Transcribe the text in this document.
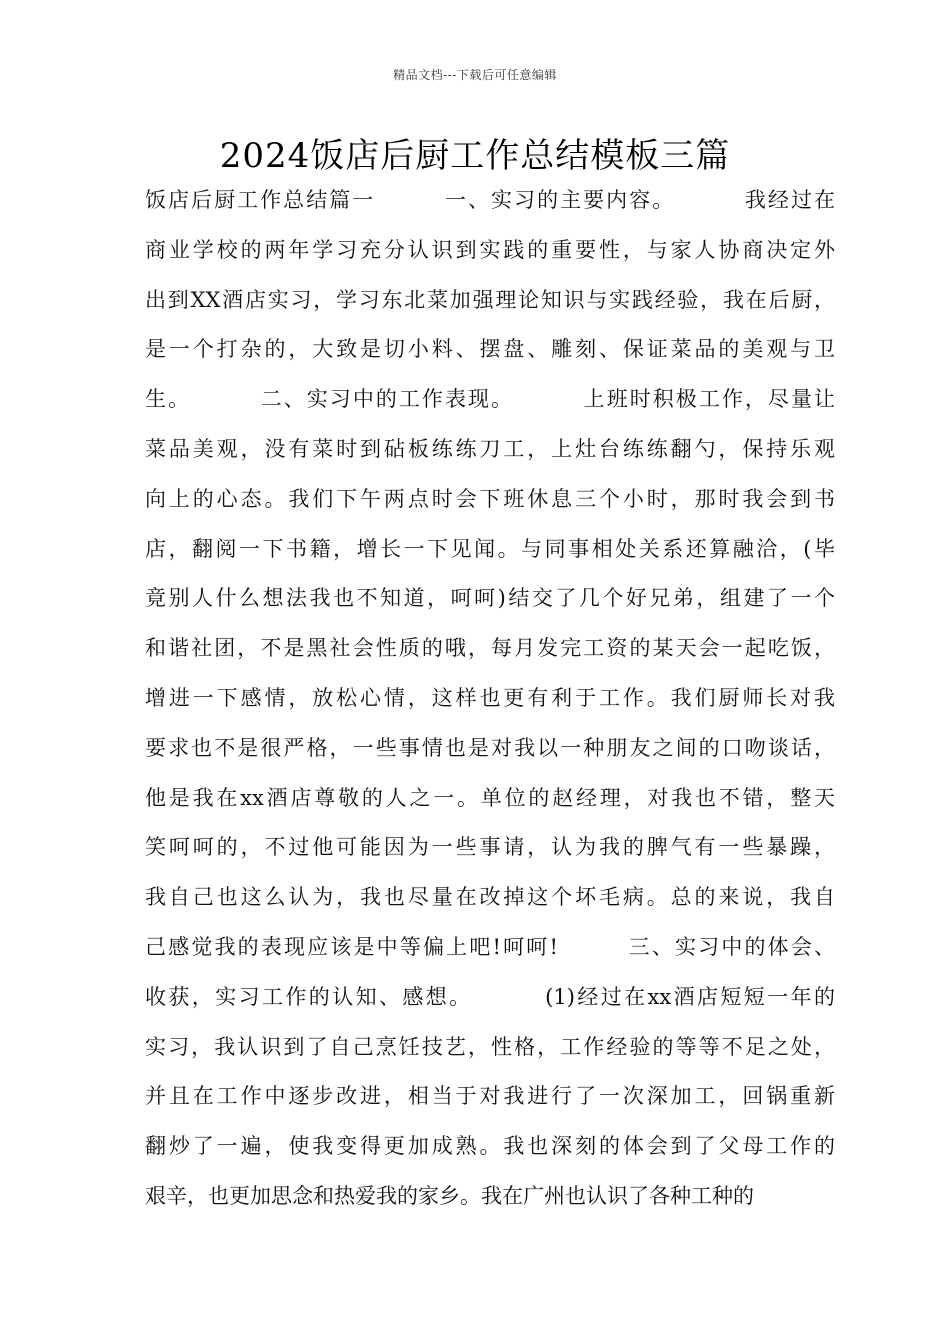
精品文档---下载后可任意编辑
2024饭店后厨工作总结模板三篇
饭店后厨工作总结篇一        一、实习的主要内容。        我经过在
商业学校的两年学习充分认识到实践的重要性，与家人协商决定外
出到XX酒店实习，学习东北菜加强理论知识与实践经验，我在后厨，
是一个打杂的，大致是切小料、摆盘、雕刻、保证菜品的美观与卫
生。        二、实习中的工作表现。        上班时积极工作，尽量让
菜品美观，没有菜时到砧板练练刀工，上灶台练练翻勺，保持乐观
向上的心态。我们下午两点时会下班休息三个小时，那时我会到书
店，翻阅一下书籍，增长一下见闻。与同事相处关系还算融洽，(毕
竟别人什么想法我也不知道，呵呵)结交了几个好兄弟，组建了一个
和谐社团，不是黑社会性质的哦，每月发完工资的某天会一起吃饭，
增进一下感情，放松心情，这样也更有利于工作。我们厨师长对我
要求也不是很严格，一些事情也是对我以一种朋友之间的口吻谈话，
他是我在xx酒店尊敬的人之一。单位的赵经理，对我也不错，整天
笑呵呵的，不过他可能因为一些事请，认为我的脾气有一些暴躁，
我自己也这么认为，我也尽量在改掉这个坏毛病。总的来说，我自
己感觉我的表现应该是中等偏上吧!呵呵!        三、实习中的体会、
收获，实习工作的认知、感想。        (1)经过在xx酒店短短一年的
实习，我认识到了自己烹饪技艺，性格，工作经验的等等不足之处，
并且在工作中逐步改进，相当于对我进行了一次深加工，回锅重新
翻炒了一遍，使我变得更加成熟。我也深刻的体会到了父母工作的
艰辛，也更加思念和热爱我的家乡。我在广州也认识了各种工种的
